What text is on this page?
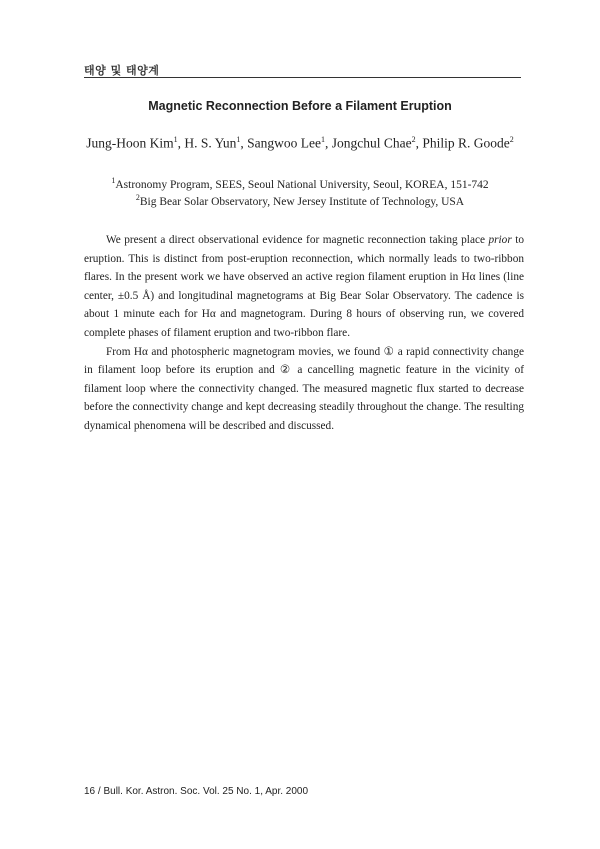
태양 및 태양계
Magnetic Reconnection Before a Filament Eruption
Jung-Hoon Kim$^1$, H. S. Yun$^1$, Sangwoo Lee$^1$, Jongchul Chae$^2$, Philip R. Goode$^2$
$^1$Astronomy Program, SEES, Seoul National University, Seoul, KOREA, 151-742
$^2$Big Bear Solar Observatory, New Jersey Institute of Technology, USA

We present a direct observational evidence for magnetic reconnection taking place prior to eruption. This is distinct from post-eruption reconnection, which normally leads to two-ribbon flares. In the present work we have observed an active region filament eruption in Hα lines (line center, ±0.5 Å) and longitudinal magnetograms at Big Bear Solar Observatory. The cadence is about 1 minute each for Hα and magnetogram. During 8 hours of observing run, we covered complete phases of filament eruption and two-ribbon flare.

From Hα and photospheric magnetogram movies, we found ① a rapid connectivity change in filament loop before its eruption and ② a cancelling magnetic feature in the vicinity of filament loop where the connectivity changed. The measured magnetic flux started to decrease before the connectivity change and kept decreasing steadily throughout the change. The resulting dynamical phenomena will be described and discussed.

16 / Bull. Kor. Astron. Soc. Vol. 25 No. 1, Apr. 2000
